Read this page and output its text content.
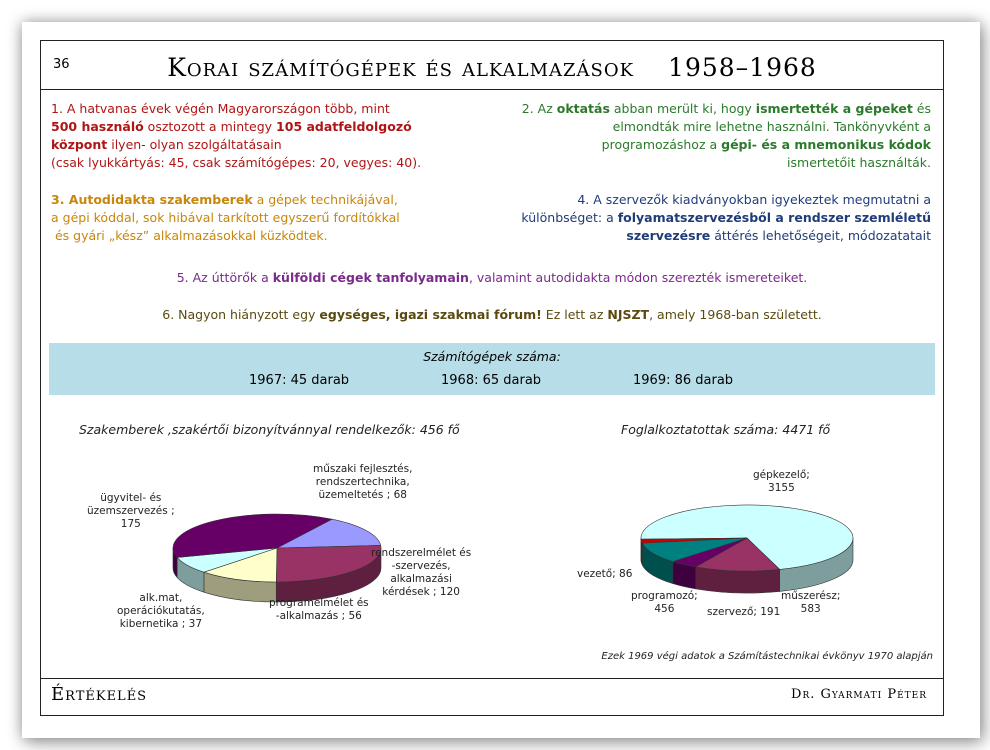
36	Korai számítógépek és alkalmazások 1958–1968
1. A hatvanas évek végén Magyarországon több, mint
500 használó osztozott a mintegy 105 adatfeldolgozó
központ ilyen- olyan szolgáltatásain
(csak lyukkártyás: 45, csak számítógépes: 20, vegyes: 40).
2. Az oktatás abban merült ki, hogy ismertették a gépeket és
elmondták mire lehetne használni. Tankönyvként a
programozáshoz a gépi- és a mnemonikus kódok
ismertetőit használták.
3. Autodidakta szakemberek a gépek technikájával,
a gépi kóddal, sok hibával tarkított egyszerű fordítókkal
és gyári „kész” alkalmazásokkal küzködtek.
4. A szervezők kiadványokban igyekeztek megmutatni a
különbséget: a folyamatszervezésből a rendszer szemléletű
szervezésre áttérés lehetőségeit, módozatatait
5. Az úttörők a külföldi cégek tanfolyamain, valamint autodidakta módon szerezték ismereteiket.
6. Nagyon hiányzott egy egységes, igazi szakmai fórum! Ez lett az NJSZT, amely 1968-ban született.
Számítógépek száma:
1967: 45 darab	1968: 65 darab	1969: 86 darab
Szakemberek ,szakértői bizonyítvánnyal rendelkezők: 456 fő	Foglalkoztatottak száma: 4471 fő
műszaki fejlesztés,
rendszertechnika,
üzemeltetés ; 68
rendszerelmélet és
-szervezés,
alkalmazási
kérdések ; 120
programelmélet és
-alkalmazás ; 56
alk.mat,
operációkutatás,
kibernetika ; 37
ügyvitel- és
üzemszervezés ;
175
gépkezelő;
3155
műszerész;
583
szervező; 191
programozó;
456
vezető; 86
Ezek 1969 végi adatok a Számítástechnikai évkönyv 1970 alapján
Értékelés	Dr. Gyarmati Péter
